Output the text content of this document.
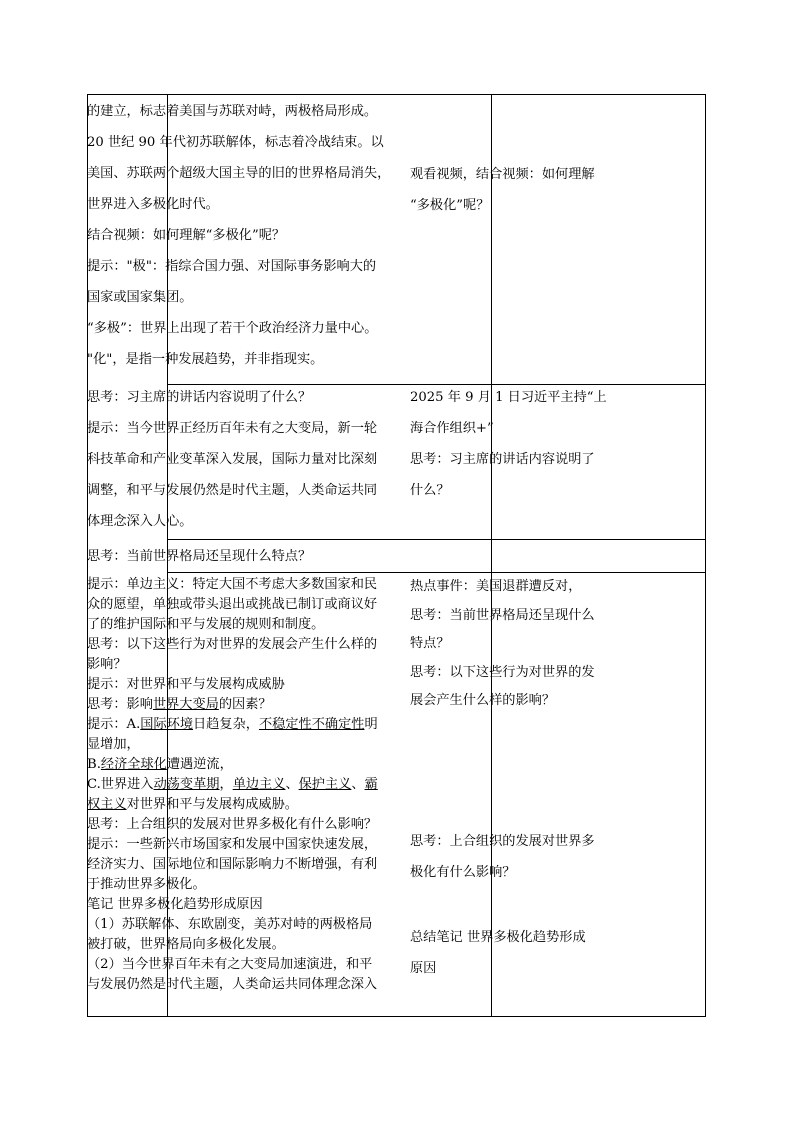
的建立，标志着美国与苏联对峙，两极格局形成。

20 世纪 90 年代初苏联解体，标志着冷战结束。以

美国、苏联两个超级大国主导的旧的世界格局消失，

世界进入多极化时代。

结合视频：如何理解“多极化”呢？

提示："极"：指综合国力强、对国际事务影响大的

国家或国家集团。

“多极”：世界上出现了若干个政治经济力量中心。

"化"，是指一种发展趋势，并非指现实。

思考：习主席的讲话内容说明了什么？

提示：当今世界正经历百年未有之大变局，新一轮

科技革命和产业变革深入发展，国际力量对比深刻

调整，和平与发展仍然是时代主题，人类命运共同

体理念深入人心。

思考：当前世界格局还呈现什么特点？

提示：单边主义：特定大国不考虑大多数国家和民

众的愿望，单独或带头退出或挑战已制订或商议好

了的维护国际和平与发展的规则和制度。

思考：以下这些行为对世界的发展会产生什么样的

影响？

提示：对世界和平与发展构成威胁

思考：影响世界大变局的因素？

提示：A.国际环境日趋复杂，不稳定性不确定性明

显增加，

B.经济全球化遭遇逆流，

C.世界进入动荡变革期，单边主义、保护主义、霸

权主义对世界和平与发展构成威胁。

思考：上合组织的发展对世界多极化有什么影响？

提示：一些新兴市场国家和发展中国家快速发展，

经济实力、国际地位和国际影响力不断增强，有利

于推动世界多极化。

笔记 世界多极化趋势形成原因

（1）苏联解体、东欧剧变，美苏对峙的两极格局

被打破，世界格局向多极化发展。

（2）当今世界百年未有之大变局加速演进，和平

与发展仍然是时代主题，人类命运共同体理念深入

观看视频，结合视频：如何理解

“多极化”呢？

2025 年 9 月 1 日习近平主持“上

海合作组织+”

思考：习主席的讲话内容说明了

什么？

热点事件：美国退群遭反对，

思考：当前世界格局还呈现什么

特点？

思考：以下这些行为对世界的发

展会产生什么样的影响？

思考：上合组织的发展对世界多

极化有什么影响？

总结笔记 世界多极化趋势形成

原因
